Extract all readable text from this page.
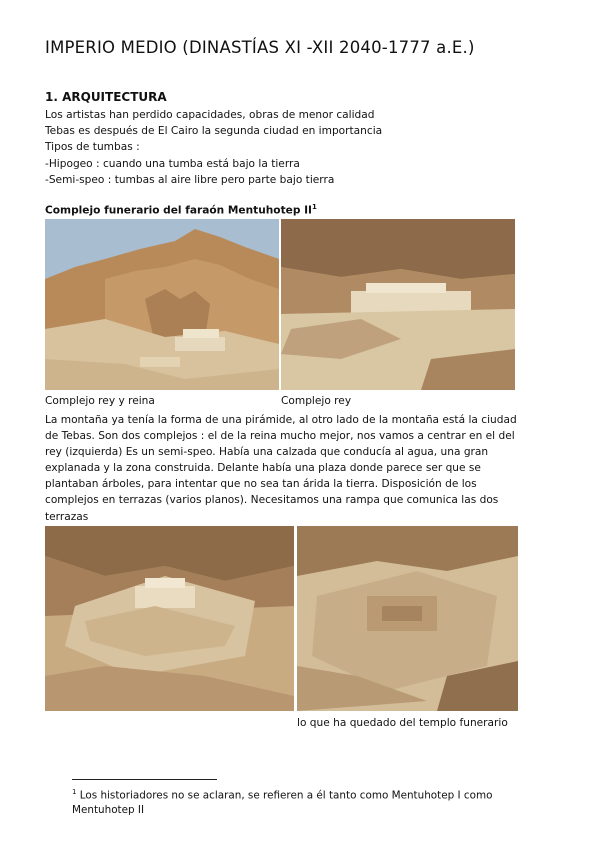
IMPERIO MEDIO (DINASTÍAS XI -XII 2040-1777 a.E.)
1. ARQUITECTURA
Los artistas han perdido capacidades, obras de menor calidad
Tebas es después de El Cairo la segunda ciudad en importancia
Tipos de tumbas :
-Hipogeo : cuando una tumba está bajo la tierra
-Semi-speo : tumbas al aire libre pero parte bajo tierra
Complejo funerario del faraón Mentuhotep $II^1$
Complejo rey y reina	Complejo rey
La montaña ya tenía la forma de una pirámide, al otro lado de la montaña está la ciudad
de Tebas. Son dos complejos : el de la reina mucho mejor, nos vamos a centrar en el del
rey (izquierda) Es un semi-speo. Había una calzada que conducía al agua, una gran
explanada y la zona construida. Delante había una plaza donde parece ser que se
plantaban árboles, para intentar que no sea tan árida la tierra. Disposición de los
complejos en terrazas (varios planos). Necesitamos una rampa que comunica las dos
terrazas
lo que ha quedado del templo funerario
$^1$ Los historiadores no se aclaran, se refieren a él tanto como Mentuhotep I como
Mentuhotep II
